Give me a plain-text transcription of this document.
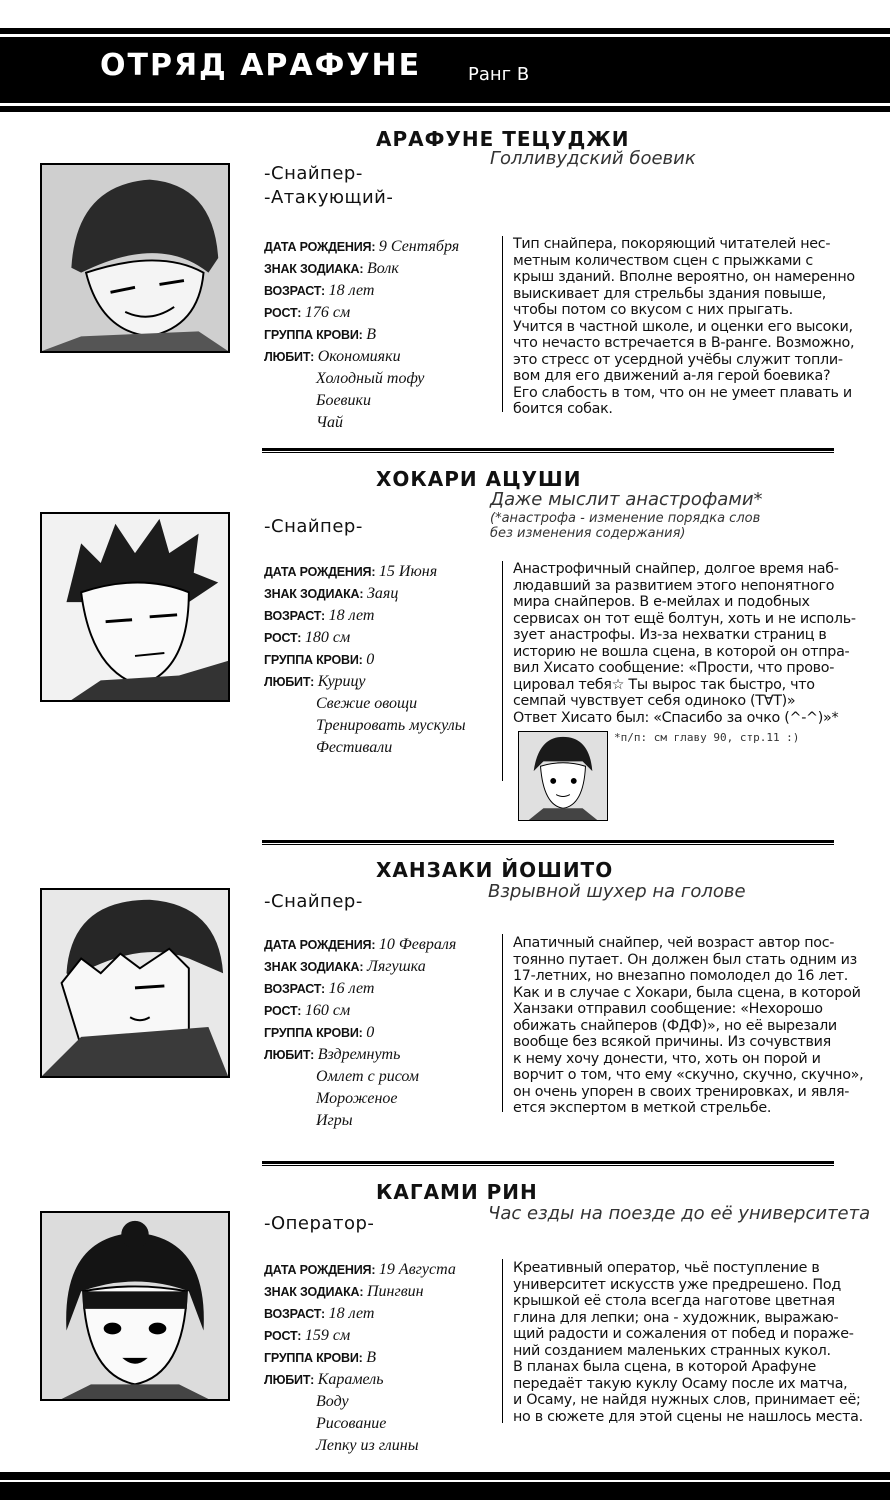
ОТРЯД АРАФУНЕ	Ранг B
АРАФУНЕ ТЕЦУДЖИ
Голливудский боевик
-Снайпер-
-Атакующий-
ДАТА РОЖДЕНИЯ: 9 Сентября
ЗНАК ЗОДИАКА: Волк
ВОЗРАСТ: 18 лет
РОСТ: 176 см
ГРУППА КРОВИ: B
ЛЮБИТ: Окономияки
Холодный тофу
Боевики
Чай

Тип снайпера, покоряющий читателей нес-

метным количеством сцен с прыжками с

крыш зданий. Вполне вероятно, он намеренно

выискивает для стрельбы здания повыше,

чтобы потом со вкусом с них прыгать.

Учится в частной школе, и оценки его высоки,

что нечасто встречается в B-ранге. Возможно,

это стресс от усердной учёбы служит топли-

вом для его движений а-ля герой боевика?

Его слабость в том, что он не умеет плавать и

боится собак.

ХОКАРИ АЦУШИ
Даже мыслит анастрофами*
(*анастрофа - изменение порядка слов
без изменения содержания)
-Снайпер-
ДАТА РОЖДЕНИЯ: 15 Июня
ЗНАК ЗОДИАКА: Заяц
ВОЗРАСТ: 18 лет
РОСТ: 180 см
ГРУППА КРОВИ: 0
ЛЮБИТ: Курицу
Свежие овощи
Тренировать мускулы
Фестивали

Анастрофичный снайпер, долгое время наб-

людавший за развитием этого непонятного

мира снайперов. В е-мейлах и подобных

сервисах он тот ещё болтун, хоть и не исполь-

зует анастрофы. Из-за нехватки страниц в

историю не вошла сцена, в которой он отпра-

вил Хисато сообщение: «Прости, что прово-

цировал тебя☆ Ты вырос так быстро, что

семпай чувствует себя одиноко (T∀T)»

Ответ Хисато был: «Спасибо за очко (^-^)»*

*п/п: см главу 90, стр.11 :)
ХАНЗАКИ ЙОШИТО
Взрывной шухер на голове
-Снайпер-
ДАТА РОЖДЕНИЯ: 10 Февраля
ЗНАК ЗОДИАКА: Лягушка
ВОЗРАСТ: 16 лет
РОСТ: 160 см
ГРУППА КРОВИ: 0
ЛЮБИТ: Вздремнуть
Омлет с рисом
Мороженое
Игры

Апатичный снайпер, чей возраст автор пос-

тоянно путает. Он должен был стать одним из

17-летних, но внезапно помолодел до 16 лет.

Как и в случае с Хокари, была сцена, в которой

Ханзаки отправил сообщение: «Нехорошо

обижать снайперов (ФДФ)», но её вырезали

вообще без всякой причины. Из сочувствия

к нему хочу донести, что, хоть он порой и

ворчит о том, что ему «скучно, скучно, скучно»,

он очень упорен в своих тренировках, и явля-

ется экспертом в меткой стрельбе.

КАГАМИ РИН
Час езды на поезде до её университета
-Оператор-
ДАТА РОЖДЕНИЯ: 19 Августа
ЗНАК ЗОДИАКА: Пингвин
ВОЗРАСТ: 18 лет
РОСТ: 159 см
ГРУППА КРОВИ: B
ЛЮБИТ: Карамель
Воду
Рисование
Лепку из глины

Креативный оператор, чьё поступление в

университет искусств уже предрешено. Под

крышкой её стола всегда наготове цветная

глина для лепки; она - художник, выражаю-

щий радости и сожаления от побед и пораже-

ний созданием маленьких странных кукол.

В планах была сцена, в которой Арафуне

передаёт такую куклу Осаму после их матча,

и Осаму, не найдя нужных слов, принимает её;

но в сюжете для этой сцены не нашлось места.
